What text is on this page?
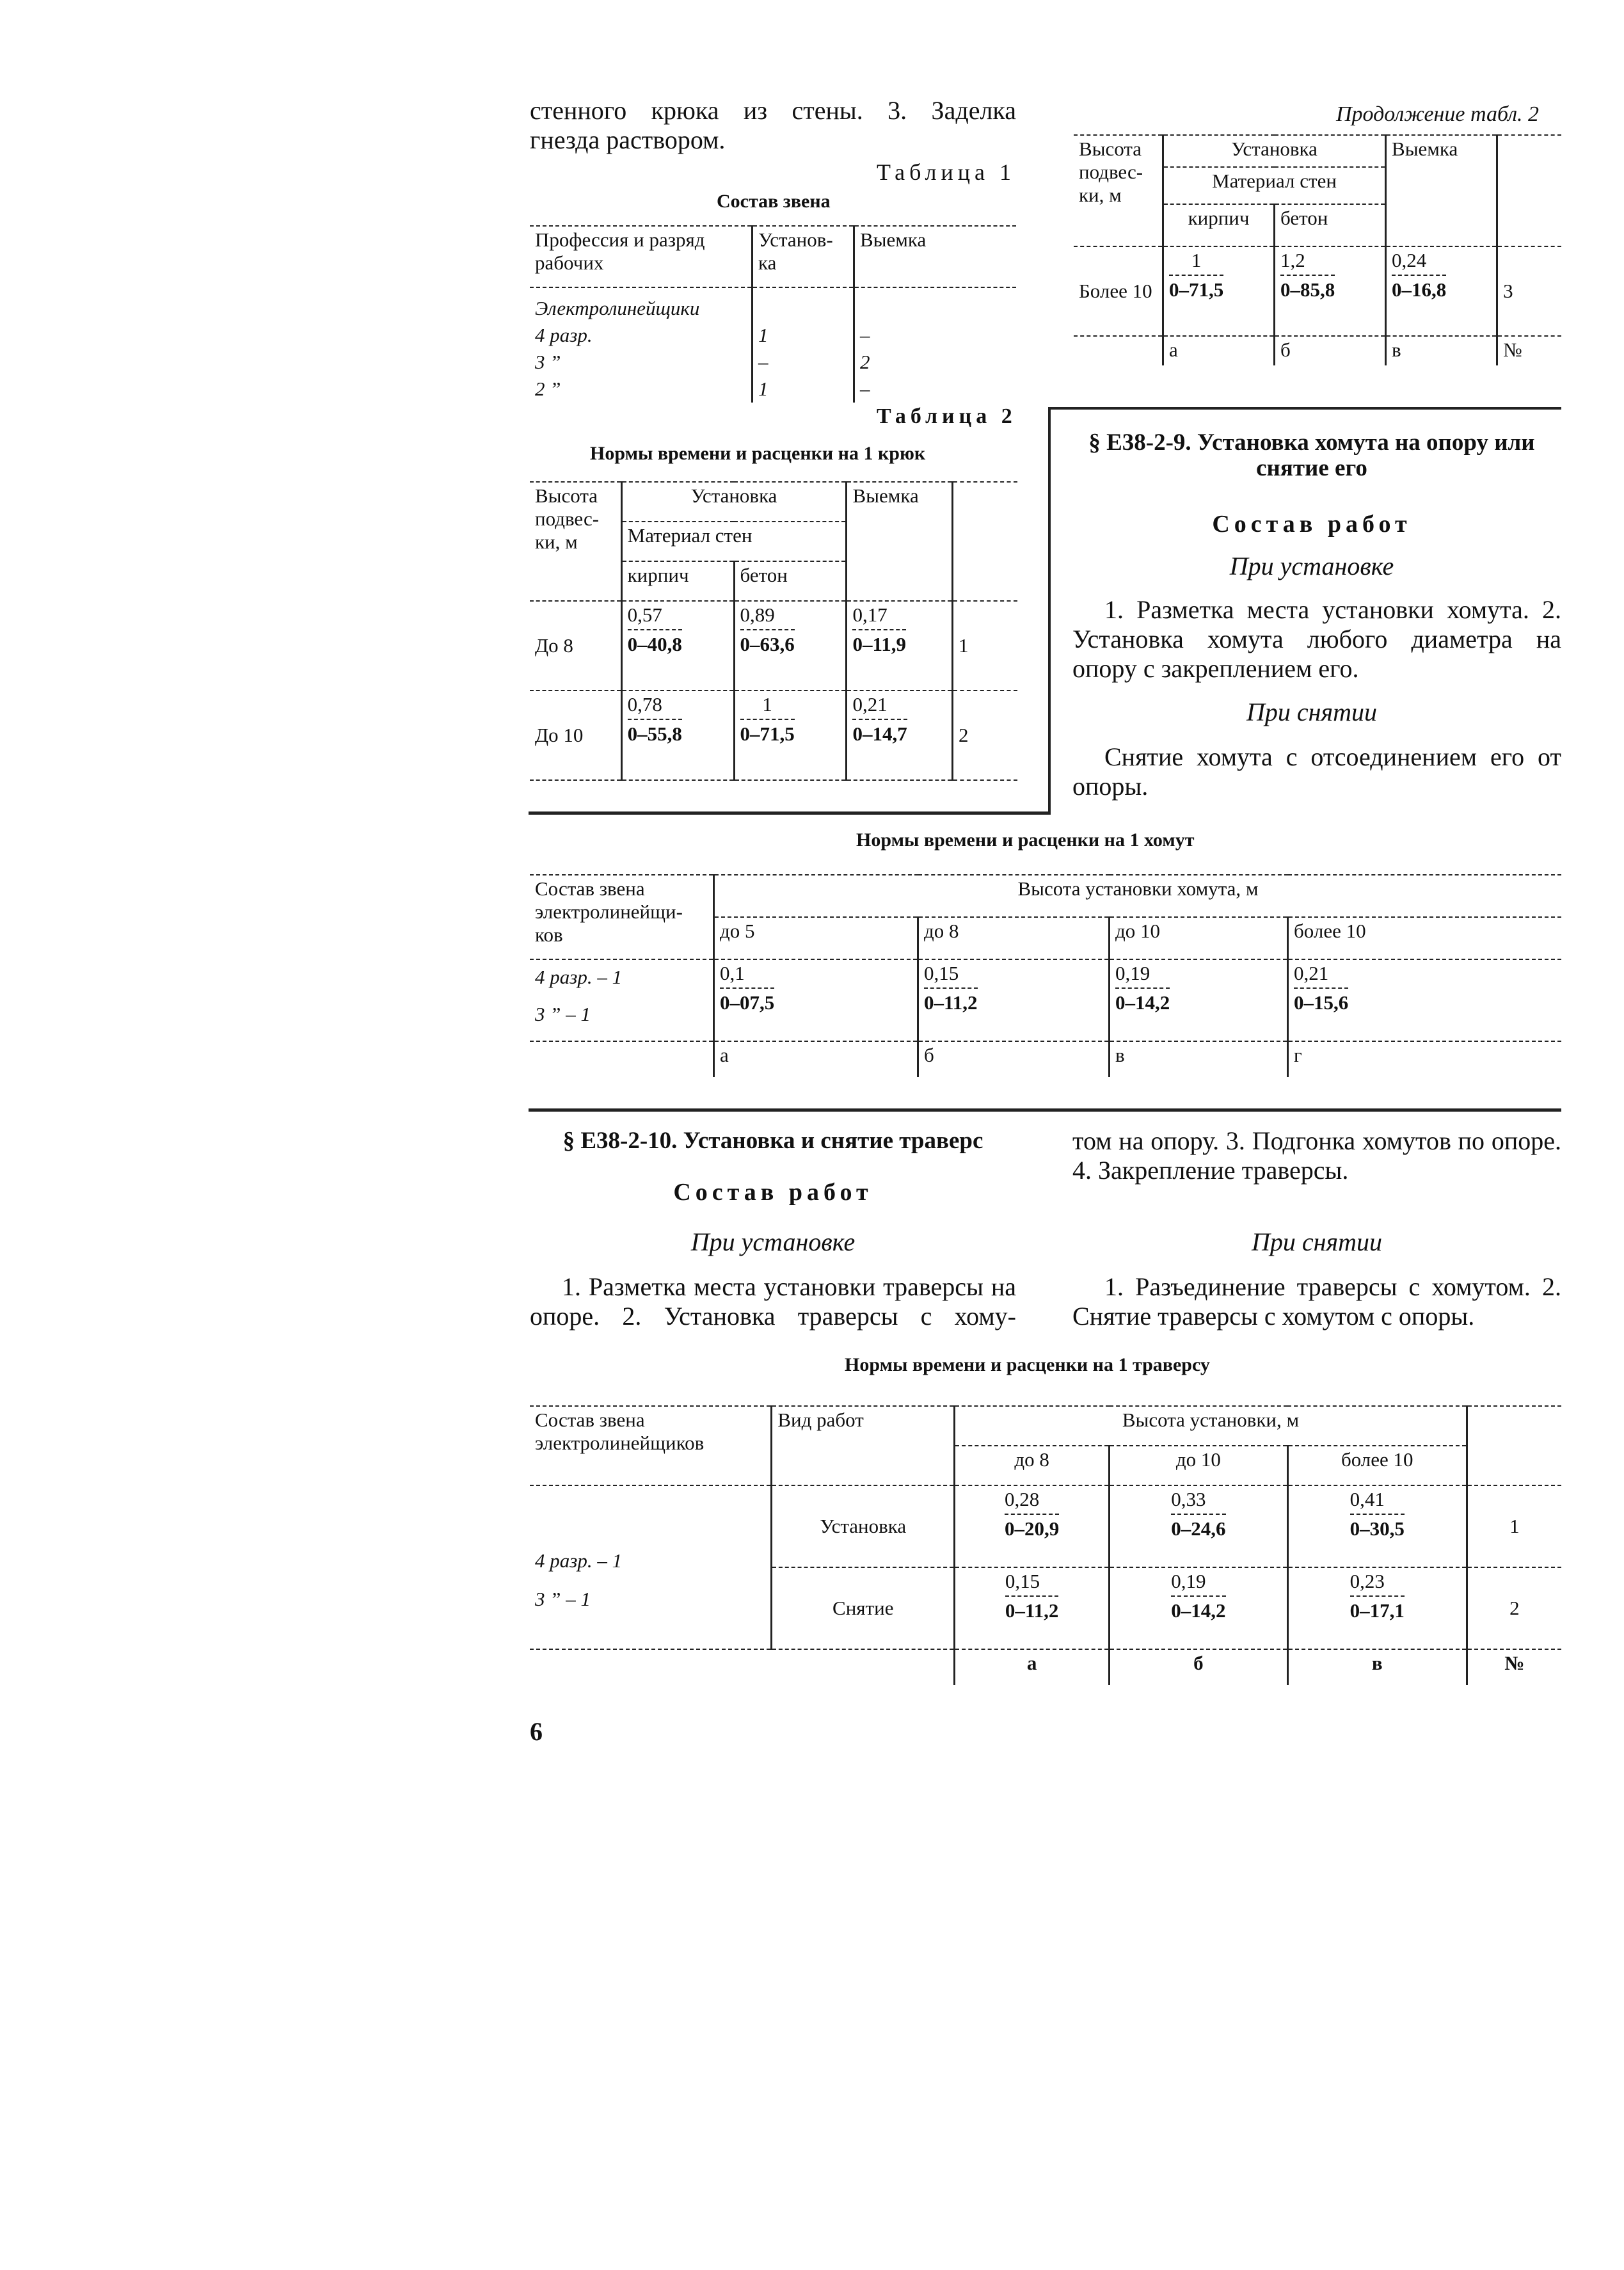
стенного крюка из стены. 3. Заделка
гнезда раствором.
Таблица 1
Состав звена
Профессия и разряд рабочих	Установ-ка	Выемка
Электролинейщики		
4 разр.	1	–
3 ”	–	2
2 ”	1	–
Таблица 2
Нормы времени и расценки на 1 крюк
Высота подвес-ки, м	Установка		Выемка	
	Материал стен			
	кирпич	бетон		
До 8	$\frac{0,57}{0-40,8}$	$\frac{0,89}{0-63,6}$	$\frac{0,17}{0-11,9}$	1
До 10	$\frac{0,78}{0-55,8}$	$\frac{1}{0-71,5}$	$\frac{0,21}{0-14,7}$	2
Продолжение табл. 2
Высота подвес-ки, м	Установка		Выемка	
	Материал стен			
	кирпич	бетон		
Более 10	$\frac{1}{0-71,5}$	$\frac{1,2}{0-85,8}$	$\frac{0,24}{0-16,8}$	3
	а	б	в	№
§ Е38-2-9. Установка хомута на опору или снятие его
Состав работ
При установке
1. Разметка места установки хомута. 2. Установка хомута любого диаметра на опору с закреплением его.
При снятии
Снятие хомута с отсоединением его от опоры.
Нормы времени и расценки на 1 хомут
Состав звена электролинейщи-ков	Высота установки хомута, м			
	до 5	до 8	до 10	более 10

4 разр. – 1
3 ” – 1	$\frac{0,1}{0-07,5}$	$\frac{0,15}{0-11,2}$	$\frac{0,19}{0-14,2}$	$\frac{0,21}{0-15,6}$

	а	б	в	г
§ Е38-2-10. Установка и снятие траверс
Состав работ
При установке
1. Разметка места установки траверсы на опоре. 2. Установка траверсы с хому-
том на опору. 3. Подгонка хомутов по опоре. 4. Закрепление траверсы.
При снятии
1. Разъединение траверсы с хомутом. 2. Снятие траверсы с хомутом с опоры.
Нормы времени и расценки на 1 траверсу
Состав звена электролинейщиков	Вид работ	Высота установки, м			
		до 8	до 10	более 10	

4 разр. – 1
3 ” – 1	Установка	$\frac{0,28}{0-20,9}$	$\frac{0,33}{0-24,6}$	$\frac{0,41}{0-30,5}$	1
	Снятие	$\frac{0,15}{0-11,2}$	$\frac{0,19}{0-14,2}$	$\frac{0,23}{0-17,1}$	2
		а	б	в	№
6
